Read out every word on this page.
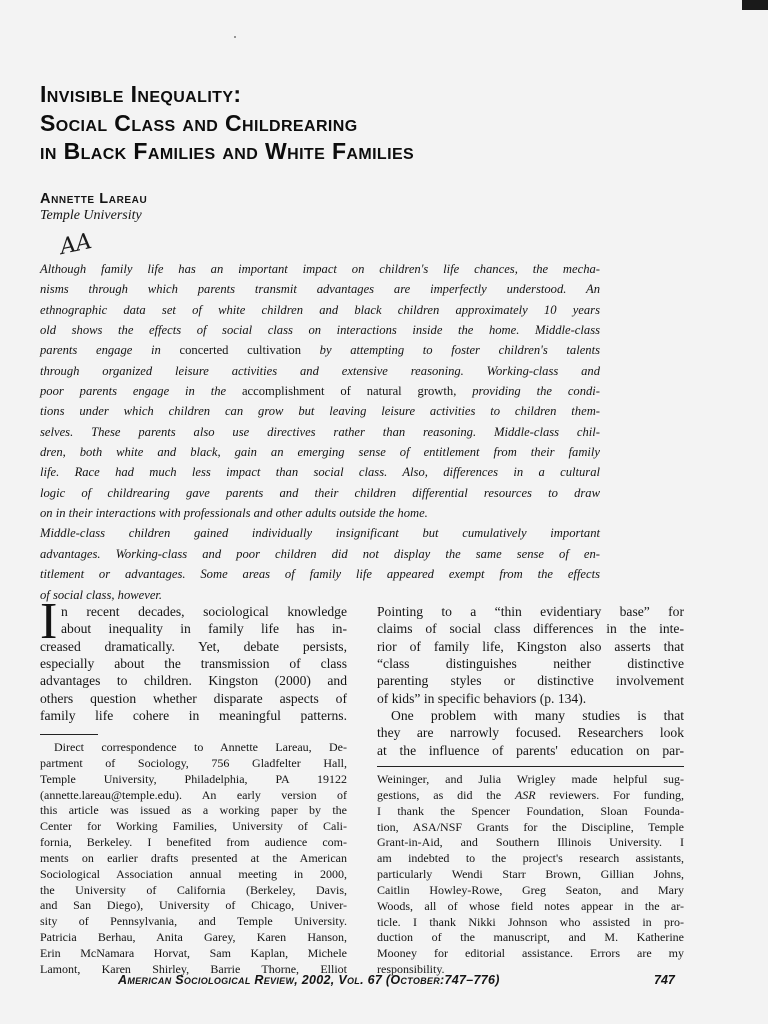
Invisible Inequality:
Social Class and Childrearing
in Black Families and White Families
Annette Lareau
Temple University
AA
Although family life has an important impact on children's life chances, the mecha-
nisms through which parents transmit advantages are imperfectly understood. An
ethnographic data set of white children and black children approximately 10 years
old shows the effects of social class on interactions inside the home. Middle-class
parents engage in concerted cultivation by attempting to foster children's talents
through organized leisure activities and extensive reasoning. Working-class and
poor parents engage in the accomplishment of natural growth, providing the condi-
tions under which children can grow but leaving leisure activities to children them-
selves. These parents also use directives rather than reasoning. Middle-class chil-
dren, both white and black, gain an emerging sense of entitlement from their family
life. Race had much less impact than social class. Also, differences in a cultural
logic of childrearing gave parents and their children differential resources to draw
on in their interactions with professionals and other adults outside the home.
Middle-class children gained individually insignificant but cumulatively important
advantages. Working-class and poor children did not display the same sense of en-
titlement or advantages. Some areas of family life appeared exempt from the effects
of social class, however.
I n recent decades, sociological knowledge
about inequality in family life has in-
creased dramatically. Yet, debate persists,
especially about the transmission of class
advantages to children. Kingston (2000) and
others question whether disparate aspects of
family life cohere in meaningful patterns.
Pointing to a “thin evidentiary base” for
claims of social class differences in the inte-
rior of family life, Kingston also asserts that
“class distinguishes neither distinctive
parenting styles or distinctive involvement
of kids” in specific behaviors (p. 134).
One problem with many studies is that
they are narrowly focused. Researchers look
at the influence of parents' education on par-
Direct correspondence to Annette Lareau, De-
partment of Sociology, 756 Gladfelter Hall,
Temple University, Philadelphia, PA 19122
(annette.lareau@temple.edu). An early version of
this article was issued as a working paper by the
Center for Working Families, University of Cali-
fornia, Berkeley. I benefited from audience com-
ments on earlier drafts presented at the American
Sociological Association annual meeting in 2000,
the University of California (Berkeley, Davis,
and San Diego), University of Chicago, Univer-
sity of Pennsylvania, and Temple University.
Patricia Berhau, Anita Garey, Karen Hanson,
Erin McNamara Horvat, Sam Kaplan, Michele
Lamont, Karen Shirley, Barrie Thorne, Elliot
Weininger, and Julia Wrigley made helpful sug-
gestions, as did the ASR reviewers. For funding,
I thank the Spencer Foundation, Sloan Founda-
tion, ASA/NSF Grants for the Discipline, Temple
Grant-in-Aid, and Southern Illinois University. I
am indebted to the project's research assistants,
particularly Wendi Starr Brown, Gillian Johns,
Caitlin Howley-Rowe, Greg Seaton, and Mary
Woods, all of whose field notes appear in the ar-
ticle. I thank Nikki Johnson who assisted in pro-
duction of the manuscript, and M. Katherine
Mooney for editorial assistance. Errors are my
responsibility.
American Sociological Review, 2002, Vol. 67 (October:747–776)	747
